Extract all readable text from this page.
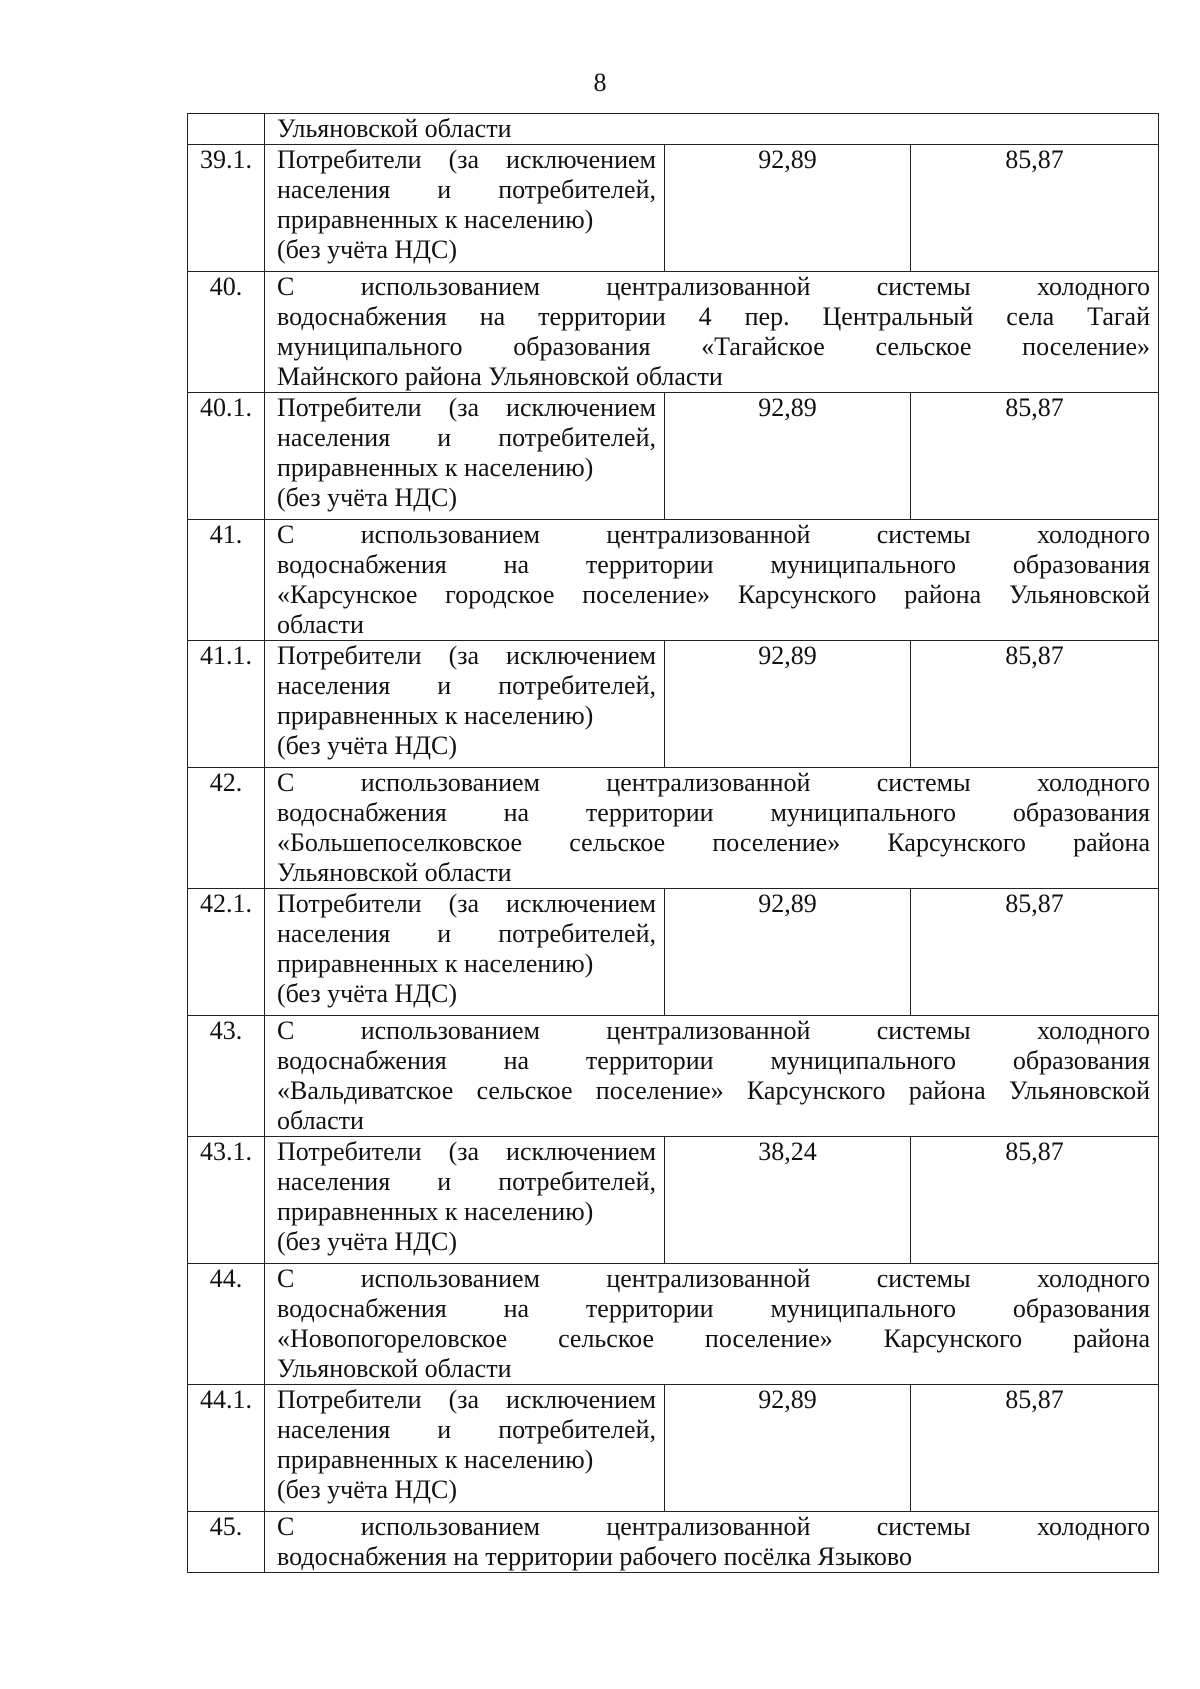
8
	Ульяновской области		
39.1.	Потребители (за исключением
населения и потребителей,
приравненных к населению)
(без учёта НДС)	92,89	85,87
40.	С использованием централизованной системы холодного
водоснабжения на территории 4 пер. Центральный села Тагай
муниципального образования «Тагайское сельское поселение»
Майнского района Ульяновской области		

40.1.	Потребители (за исключением
населения и потребителей,
приравненных к населению)
(без учёта НДС)	92,89	85,87
41.	С использованием централизованной системы холодного
водоснабжения на территории муниципального образования
«Карсунское городское поселение» Карсунского района Ульяновской
области		

41.1.	Потребители (за исключением
населения и потребителей,
приравненных к населению)
(без учёта НДС)	92,89	85,87
42.	С использованием централизованной системы холодного
водоснабжения на территории муниципального образования
«Большепоселковское сельское поселение» Карсунского района
Ульяновской области		

42.1.	Потребители (за исключением
населения и потребителей,
приравненных к населению)
(без учёта НДС)	92,89	85,87
43.	С использованием централизованной системы холодного
водоснабжения на территории муниципального образования
«Вальдиватское сельское поселение» Карсунского района Ульяновской
области		

43.1.	Потребители (за исключением
населения и потребителей,
приравненных к населению)
(без учёта НДС)	38,24	85,87
44.	С использованием централизованной системы холодного
водоснабжения на территории муниципального образования
«Новопогореловское сельское поселение» Карсунского района
Ульяновской области		

44.1.	Потребители (за исключением
населения и потребителей,
приравненных к населению)
(без учёта НДС)	92,89	85,87
45.	С использованием централизованной системы холодного
водоснабжения на территории рабочего посёлка Языково		
